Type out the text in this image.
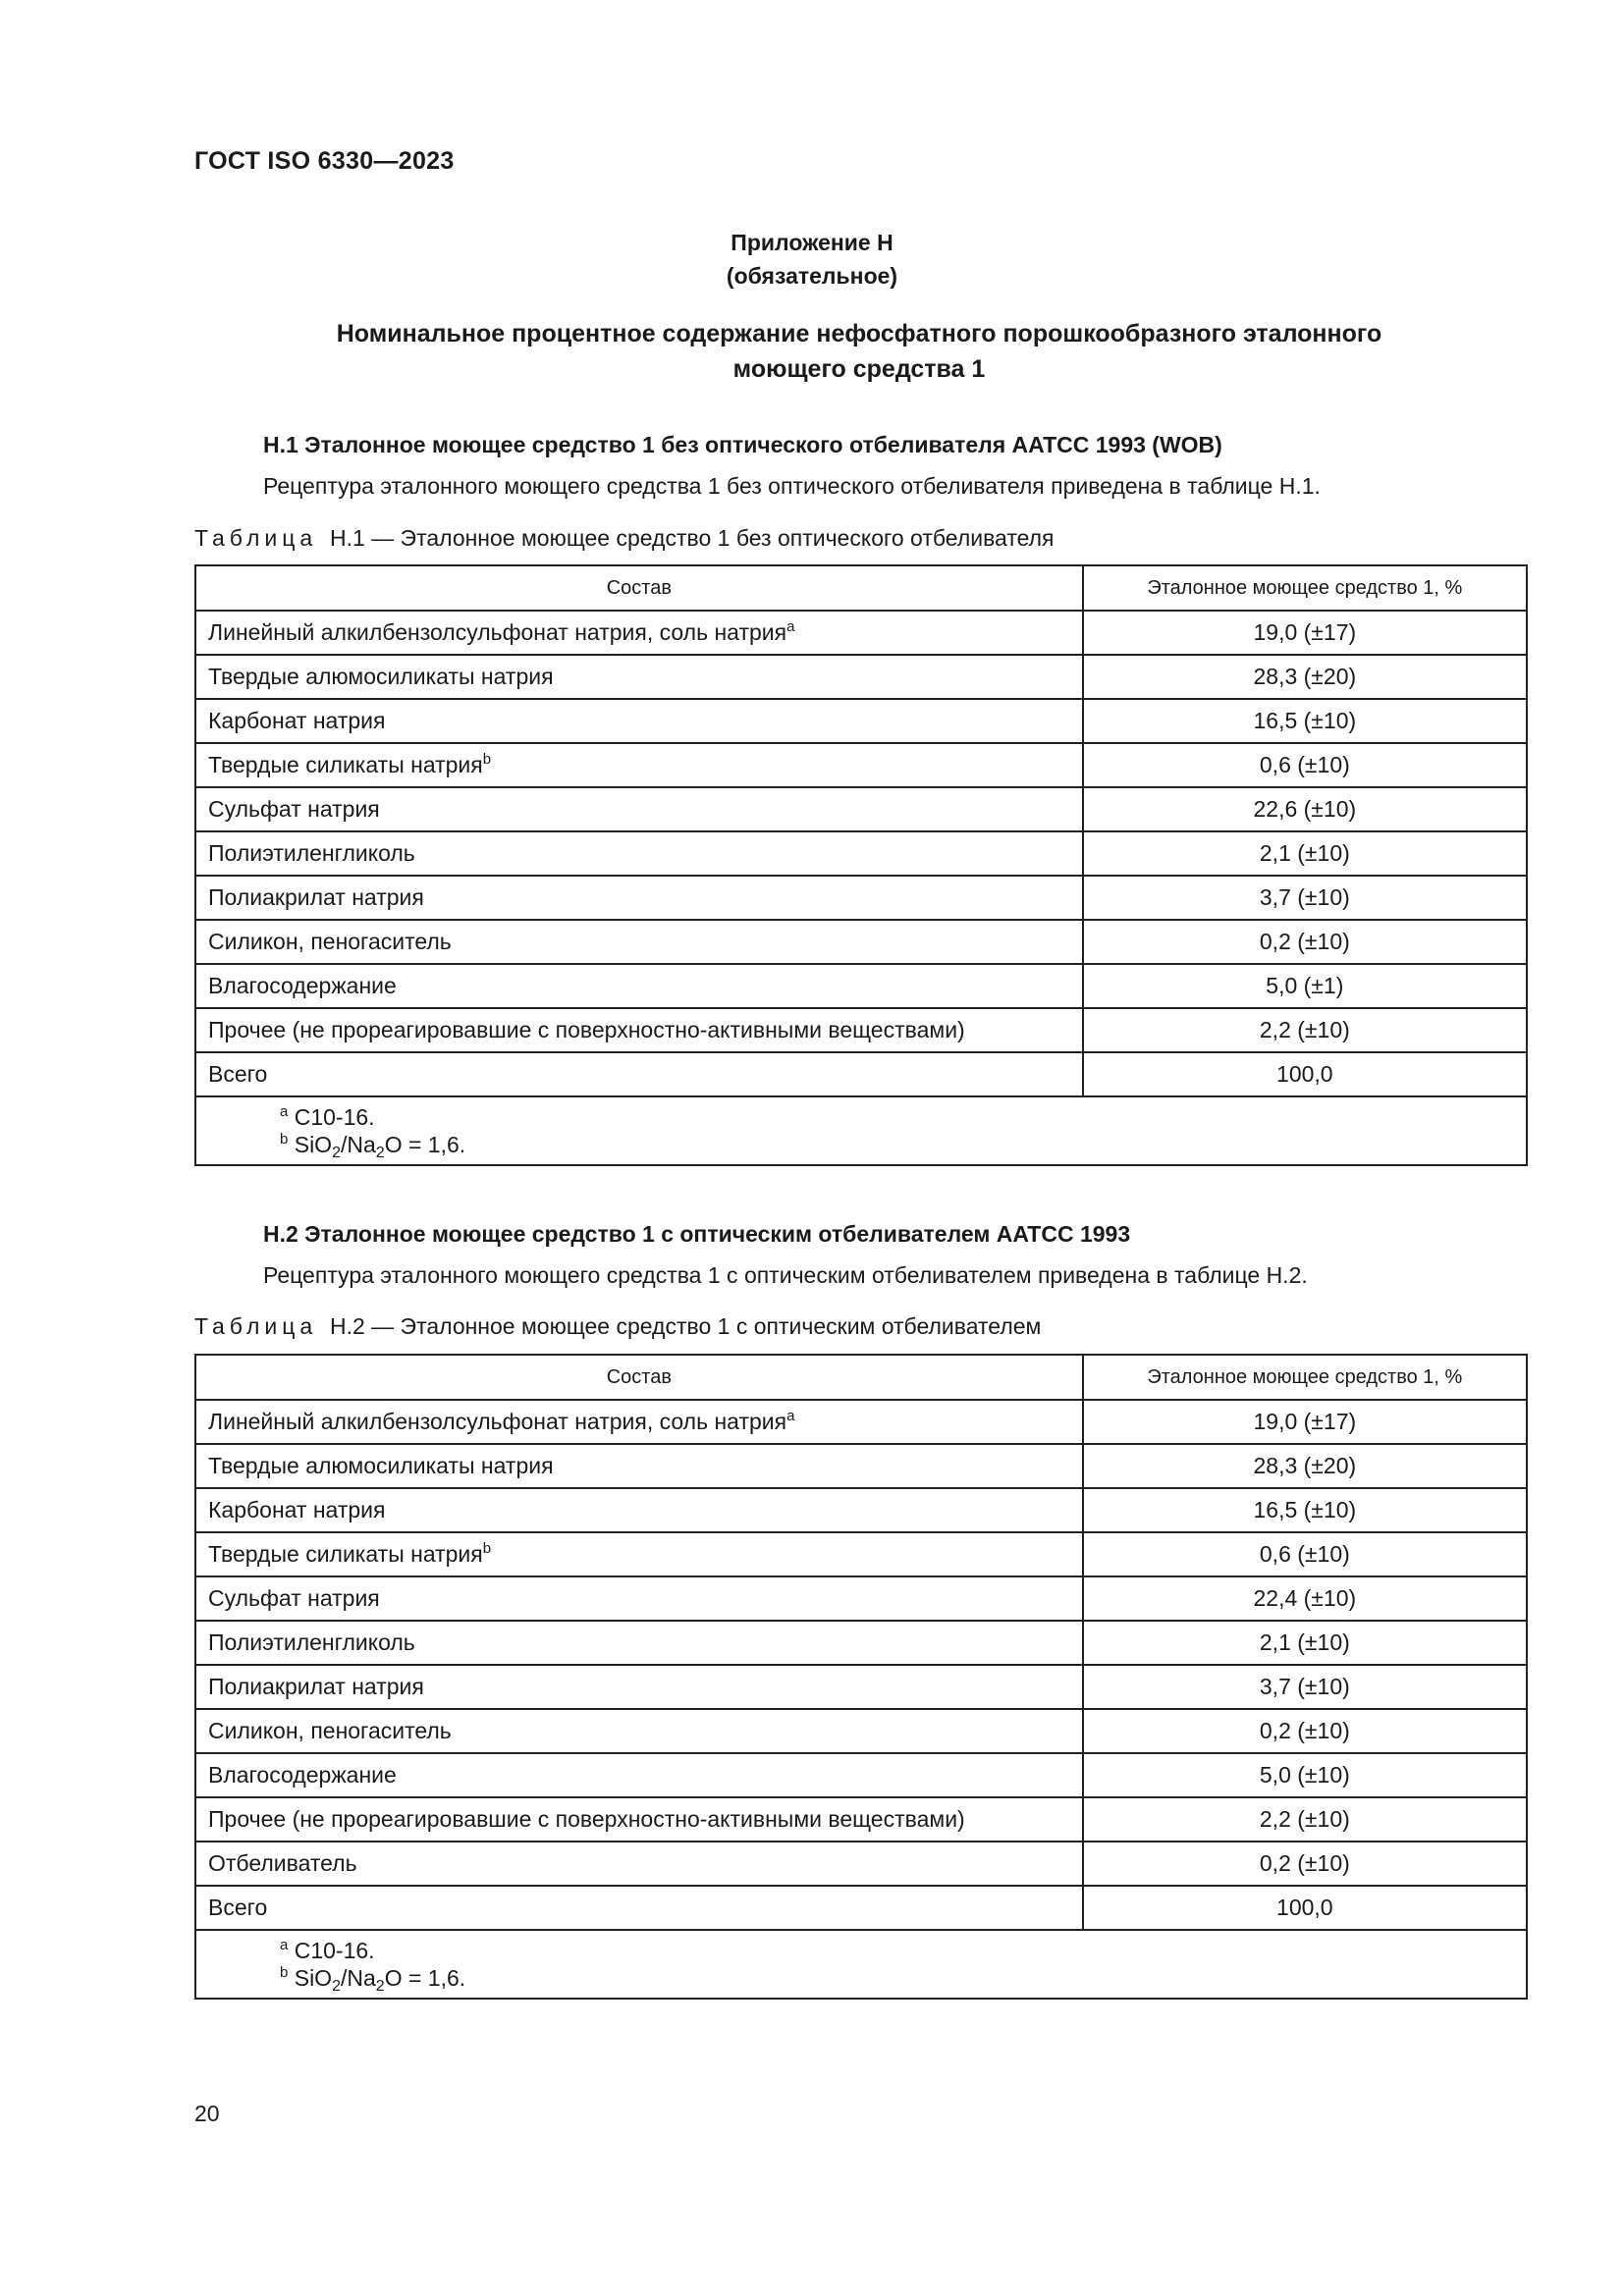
ГОСТ ISO 6330—2023
Приложение Н
(обязательное)
Номинальное процентное содержание нефосфатного порошкообразного эталонного
моющего средства 1
Н.1 Эталонное моющее средство 1 без оптического отбеливателя AATCC 1993 (WOB)
Рецептура эталонного моющего средства 1 без оптического отбеливателя приведена в таблице Н.1.
Таблица Н.1 — Эталонное моющее средство 1 без оптического отбеливателя
Состав	Эталонное моющее средство 1, %
Линейный алкилбензолсульфонат натрия, соль натрия$^a$	19,0 (±17)
Твердые алюмосиликаты натрия	28,3 (±20)
Карбонат натрия	16,5 (±10)
Твердые силикаты натрия$^b$	0,6 (±10)
Сульфат натрия	22,6 (±10)
Полиэтиленгликоль	2,1 (±10)
Полиакрилат натрия	3,7 (±10)
Силикон, пеногаситель	0,2 (±10)
Влагосодержание	5,0 (±1)
Прочее (не прореагировавшие с поверхностно-активными веществами)	2,2 (±10)
Всего	100,0

$^a$ C10-16.
$^b$ $SiO_2/Na_2O = 1,6$.	
Н.2 Эталонное моющее средство 1 с оптическим отбеливателем AATCC 1993
Рецептура эталонного моющего средства 1 с оптическим отбеливателем приведена в таблице Н.2.
Таблица Н.2 — Эталонное моющее средство 1 с оптическим отбеливателем
Состав	Эталонное моющее средство 1, %
Линейный алкилбензолсульфонат натрия, соль натрия$^a$	19,0 (±17)
Твердые алюмосиликаты натрия	28,3 (±20)
Карбонат натрия	16,5 (±10)
Твердые силикаты натрия$^b$	0,6 (±10)
Сульфат натрия	22,4 (±10)
Полиэтиленгликоль	2,1 (±10)
Полиакрилат натрия	3,7 (±10)
Силикон, пеногаситель	0,2 (±10)
Влагосодержание	5,0 (±10)
Прочее (не прореагировавшие с поверхностно-активными веществами)	2,2 (±10)
Отбеливатель	0,2 (±10)
Всего	100,0

$^a$ C10-16.
$^b$ $SiO_2/Na_2O = 1,6$.	
20
